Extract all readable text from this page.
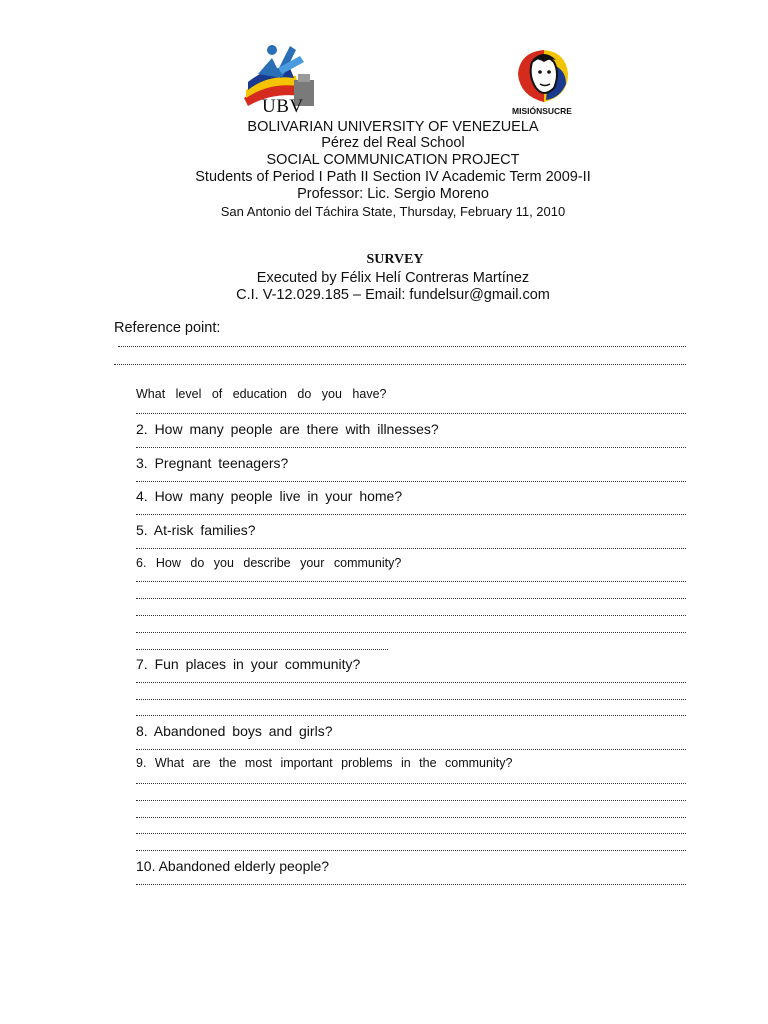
UBV	MISIÓNSUCRE
BOLIVARIAN UNIVERSITY OF VENEZUELA
Pérez del Real School
SOCIAL COMMUNICATION PROJECT
Students of Period I Path II Section IV Academic Term 2009-II
Professor: Lic. Sergio Moreno
San Antonio del Táchira State, Thursday, February 11, 2010
SURVEY
Executed by Félix Helí Contreras Martínez
C.I. V-12.029.185 – Email: fundelsur@gmail.com
Reference point:
What level of education do you have?
2. How many people are there with illnesses?
3. Pregnant teenagers?
4. How many people live in your home?
5. At-risk families?
6. How do you describe your community?
7. Fun places in your community?
8. Abandoned boys and girls?
9. What are the most important problems in the community?
10. Abandoned elderly people?
